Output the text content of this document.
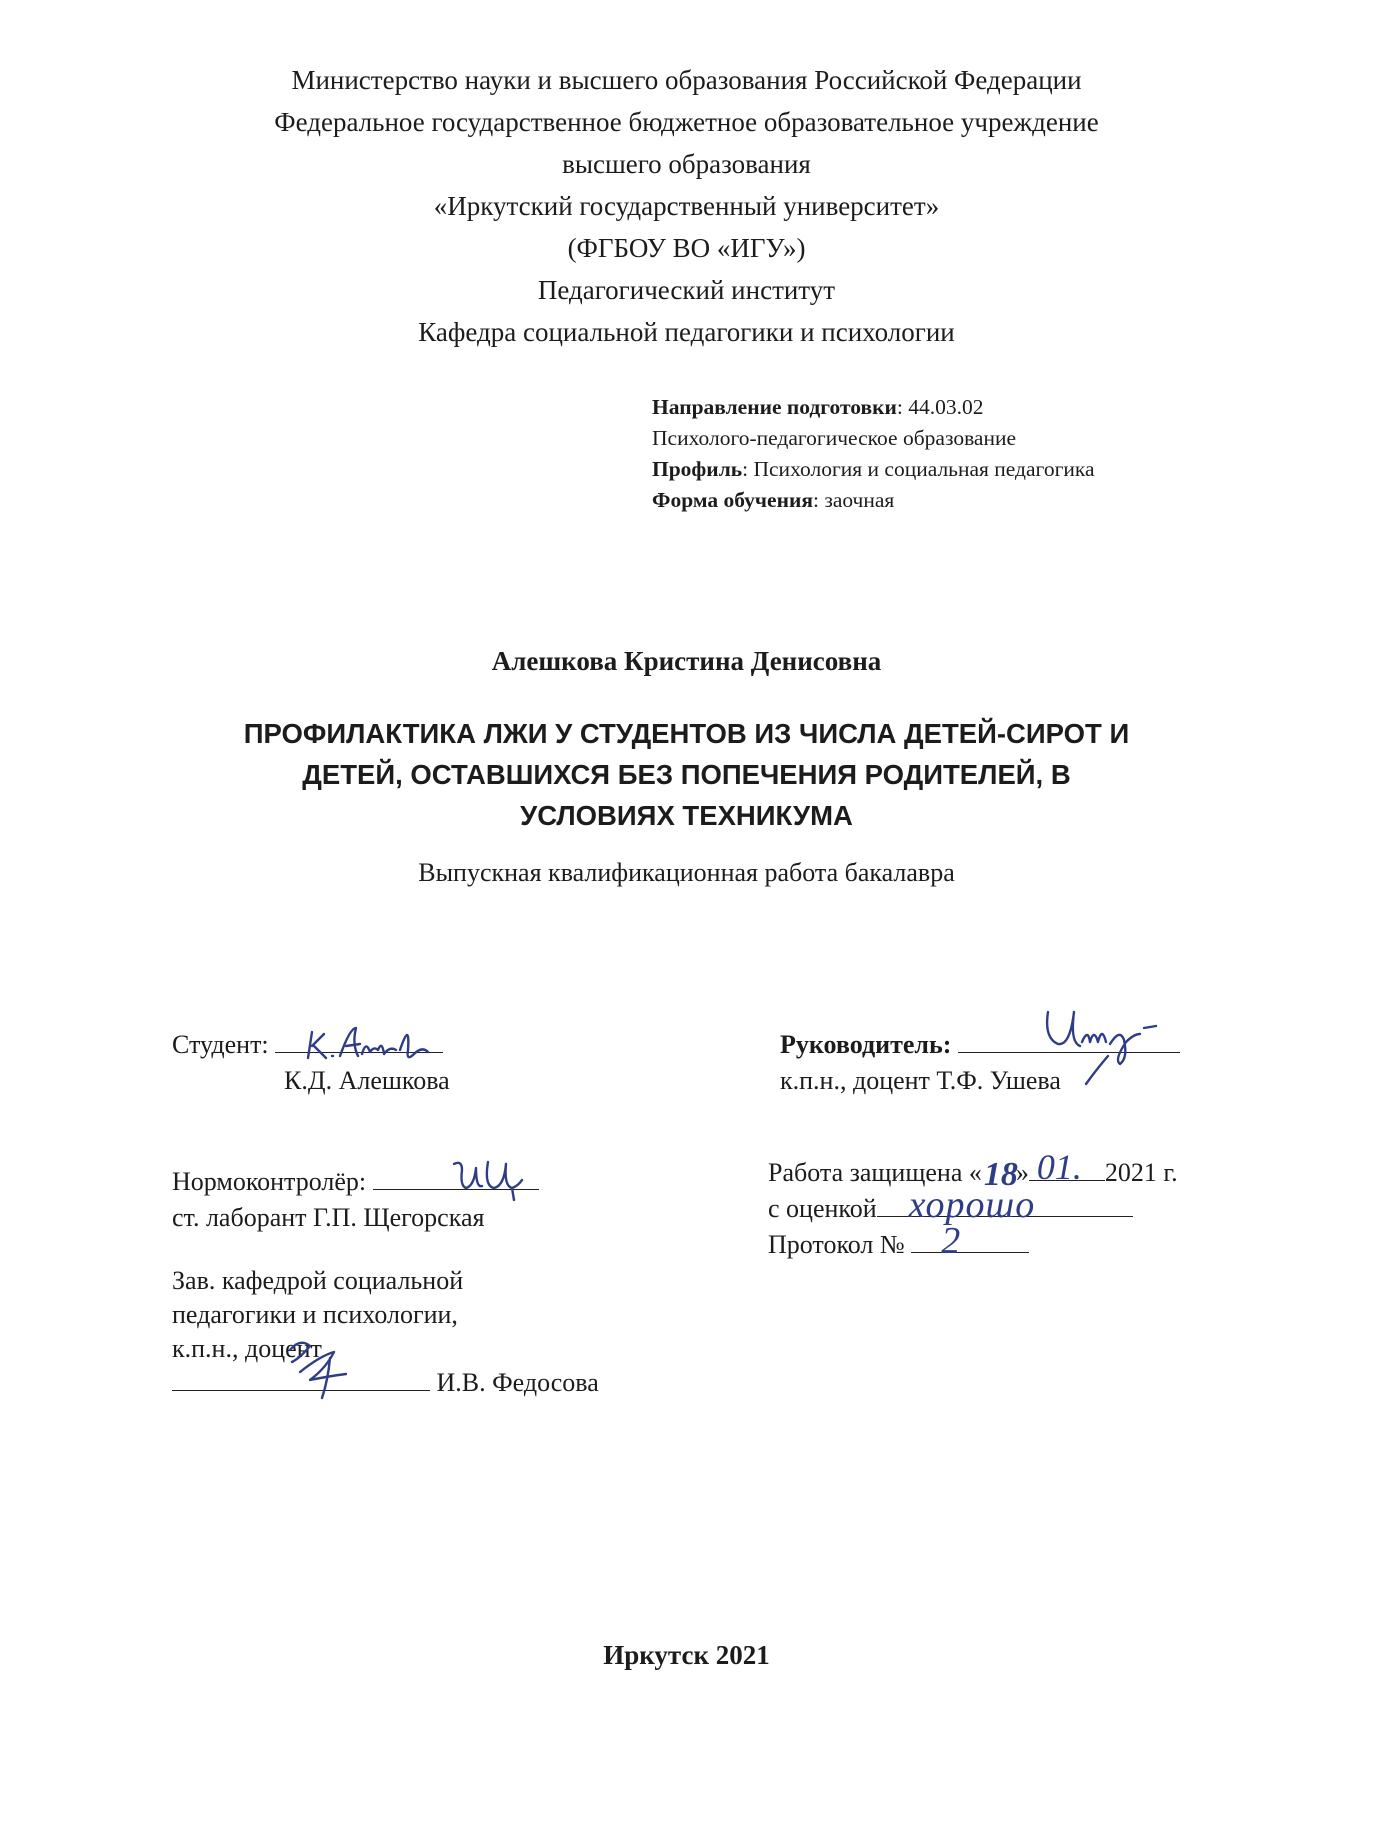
Министерство науки и высшего образования Российской Федерации
Федеральное государственное бюджетное образовательное учреждение
высшего образования
«Иркутский государственный университет»
(ФГБОУ ВО «ИГУ»)
Педагогический институт
Кафедра социальной педагогики и психологии
Направление подготовки: 44.03.02
Психолого-педагогическое образование
Профиль: Психология и социальная педагогика
Форма обучения: заочная
Алешкова Кристина Денисовна
ПРОФИЛАКТИКА ЛЖИ У СТУДЕНТОВ ИЗ ЧИСЛА ДЕТЕЙ-СИРОТ И
ДЕТЕЙ, ОСТАВШИХСЯ БЕЗ ПОПЕЧЕНИЯ РОДИТЕЛЕЙ, В
УСЛОВИЯХ ТЕХНИКУМА
Выпускная квалификационная работа бакалавра
Студент:
К.Д. Алешкова
Руководитель:
к.п.н., доцент Т.Ф. Ушева
Нормоконтролёр:
ст. лаборант Г.П. Щегорская
Работа защищена « 18
» 01. 2021 г.
с оценкой хорошо
Протокол № 2
Зав. кафедрой социальной
педагогики и психологии,
к.п.н., доцент
И.В. Федосова
Иркутск 2021
